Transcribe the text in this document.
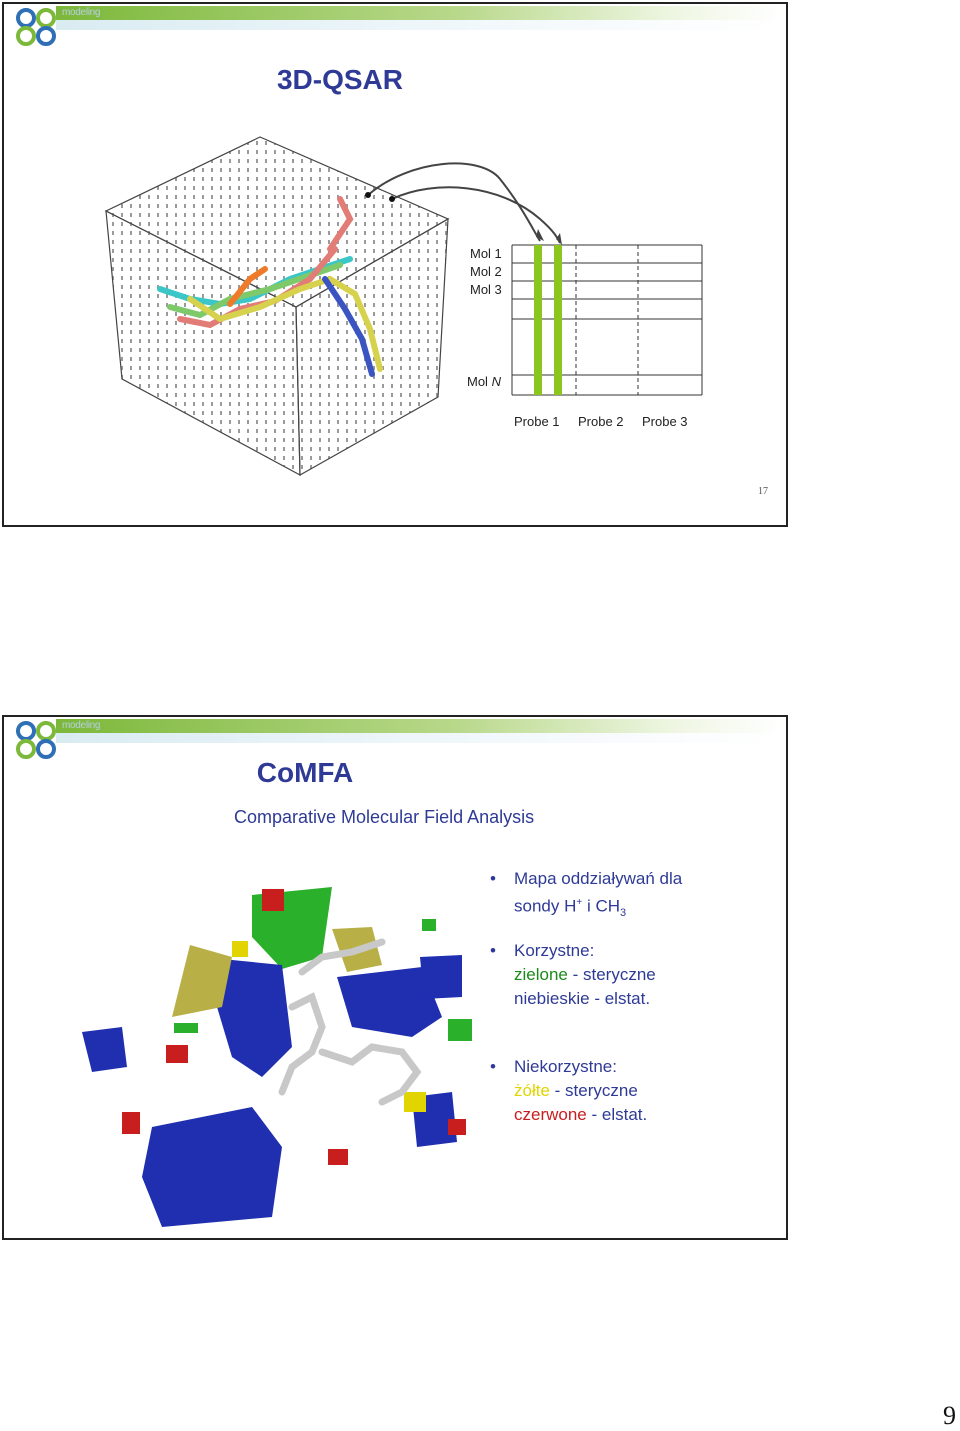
modeling
3D-QSAR
Mol 1
Mol 2
Mol 3
Mol N
Probe 1 Probe 2 Probe 3
17
modeling
CoMFA
Comparative Molecular Field Analysis
• Mapa oddziaływań dla
sondy H+ i $CH_3$
• Korzystne:
zielone - steryczne
niebieskie - elstat.
• Niekorzystne:
żółte - steryczne
czerwone - elstat.
9
